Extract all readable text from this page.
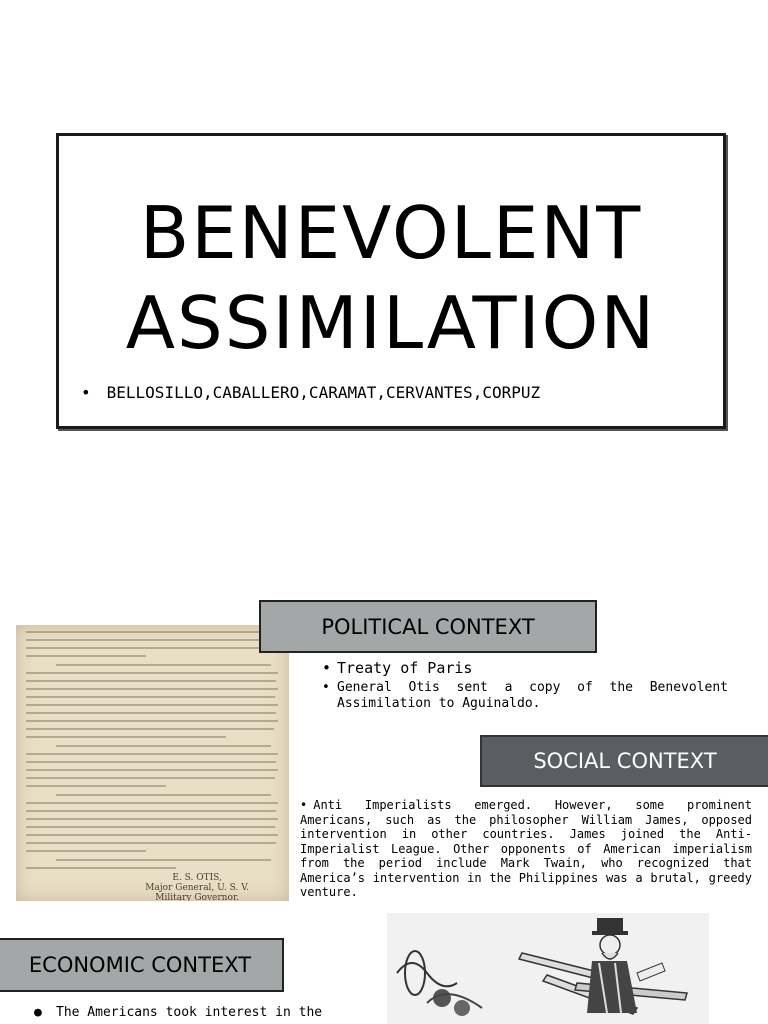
BENEVOLENT
ASSIMILATION
• BELLOSILLO,CABALLERO,CARAMAT,CERVANTES,CORPUZ
E. S. OTIS,
Major General, U. S. V.
Military Governor.
POLITICAL CONTEXT
• Treaty of Paris
• General Otis sent a copy of the Benevolent Assimilation to Aguinaldo.
SOCIAL CONTEXT
• Anti Imperialists emerged. However, some prominent Americans, such as the philosopher William James, opposed intervention in other countries. James joined the Anti-Imperialist League. Other opponents of American imperialism from the period include Mark Twain, who recognized that America’s intervention in the Philippines was a brutal, greedy venture.
ECONOMIC CONTEXT
●	The Americans took interest in the
